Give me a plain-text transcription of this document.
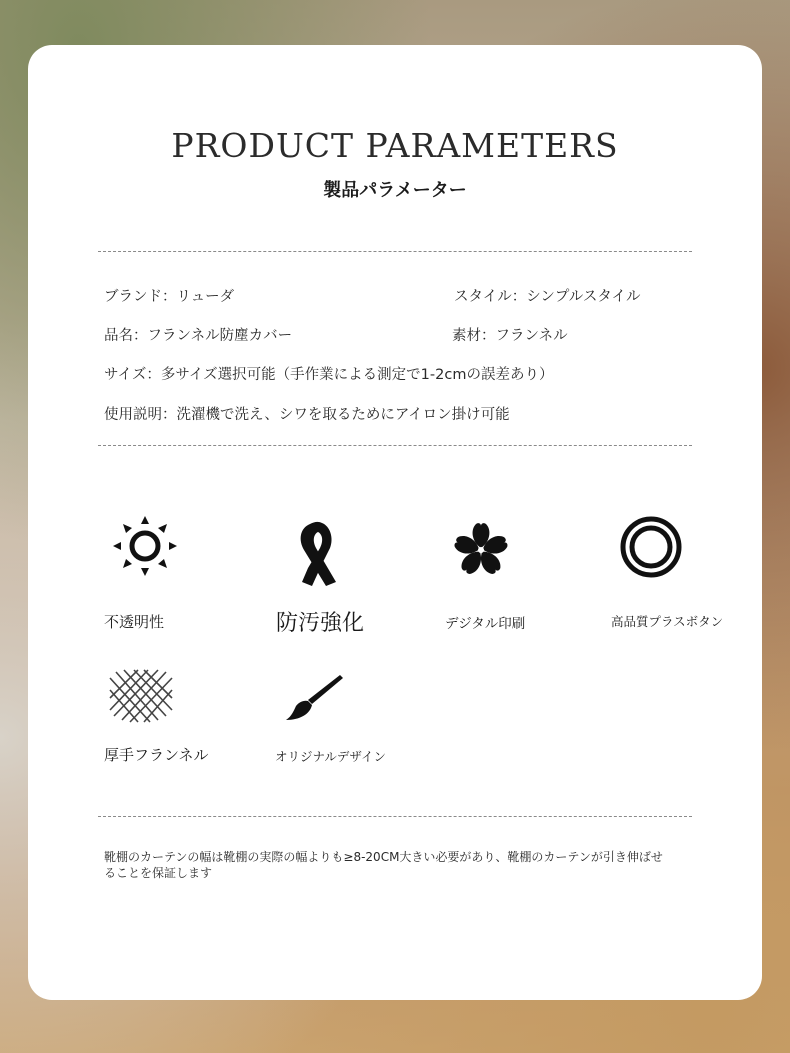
PRODUCT PARAMETERS
製品パラメーター
ブランド：リューダ	スタイル：シンプルスタイル
品名：フランネル防塵カバー	素材：フランネル
サイズ：多サイズ選択可能（手作業による測定で1-2cmの誤差あり）
使用説明：洗濯機で洗え、シワを取るためにアイロン掛け可能
不透明性	防汚強化	デジタル印刷	高品質プラスボタン
厚手フランネル	オリジナルデザイン
靴棚のカーテンの幅は靴棚の実際の幅よりも≥8-20CM大きい必要があり、靴棚のカーテンが引き伸ばせることを保証します
